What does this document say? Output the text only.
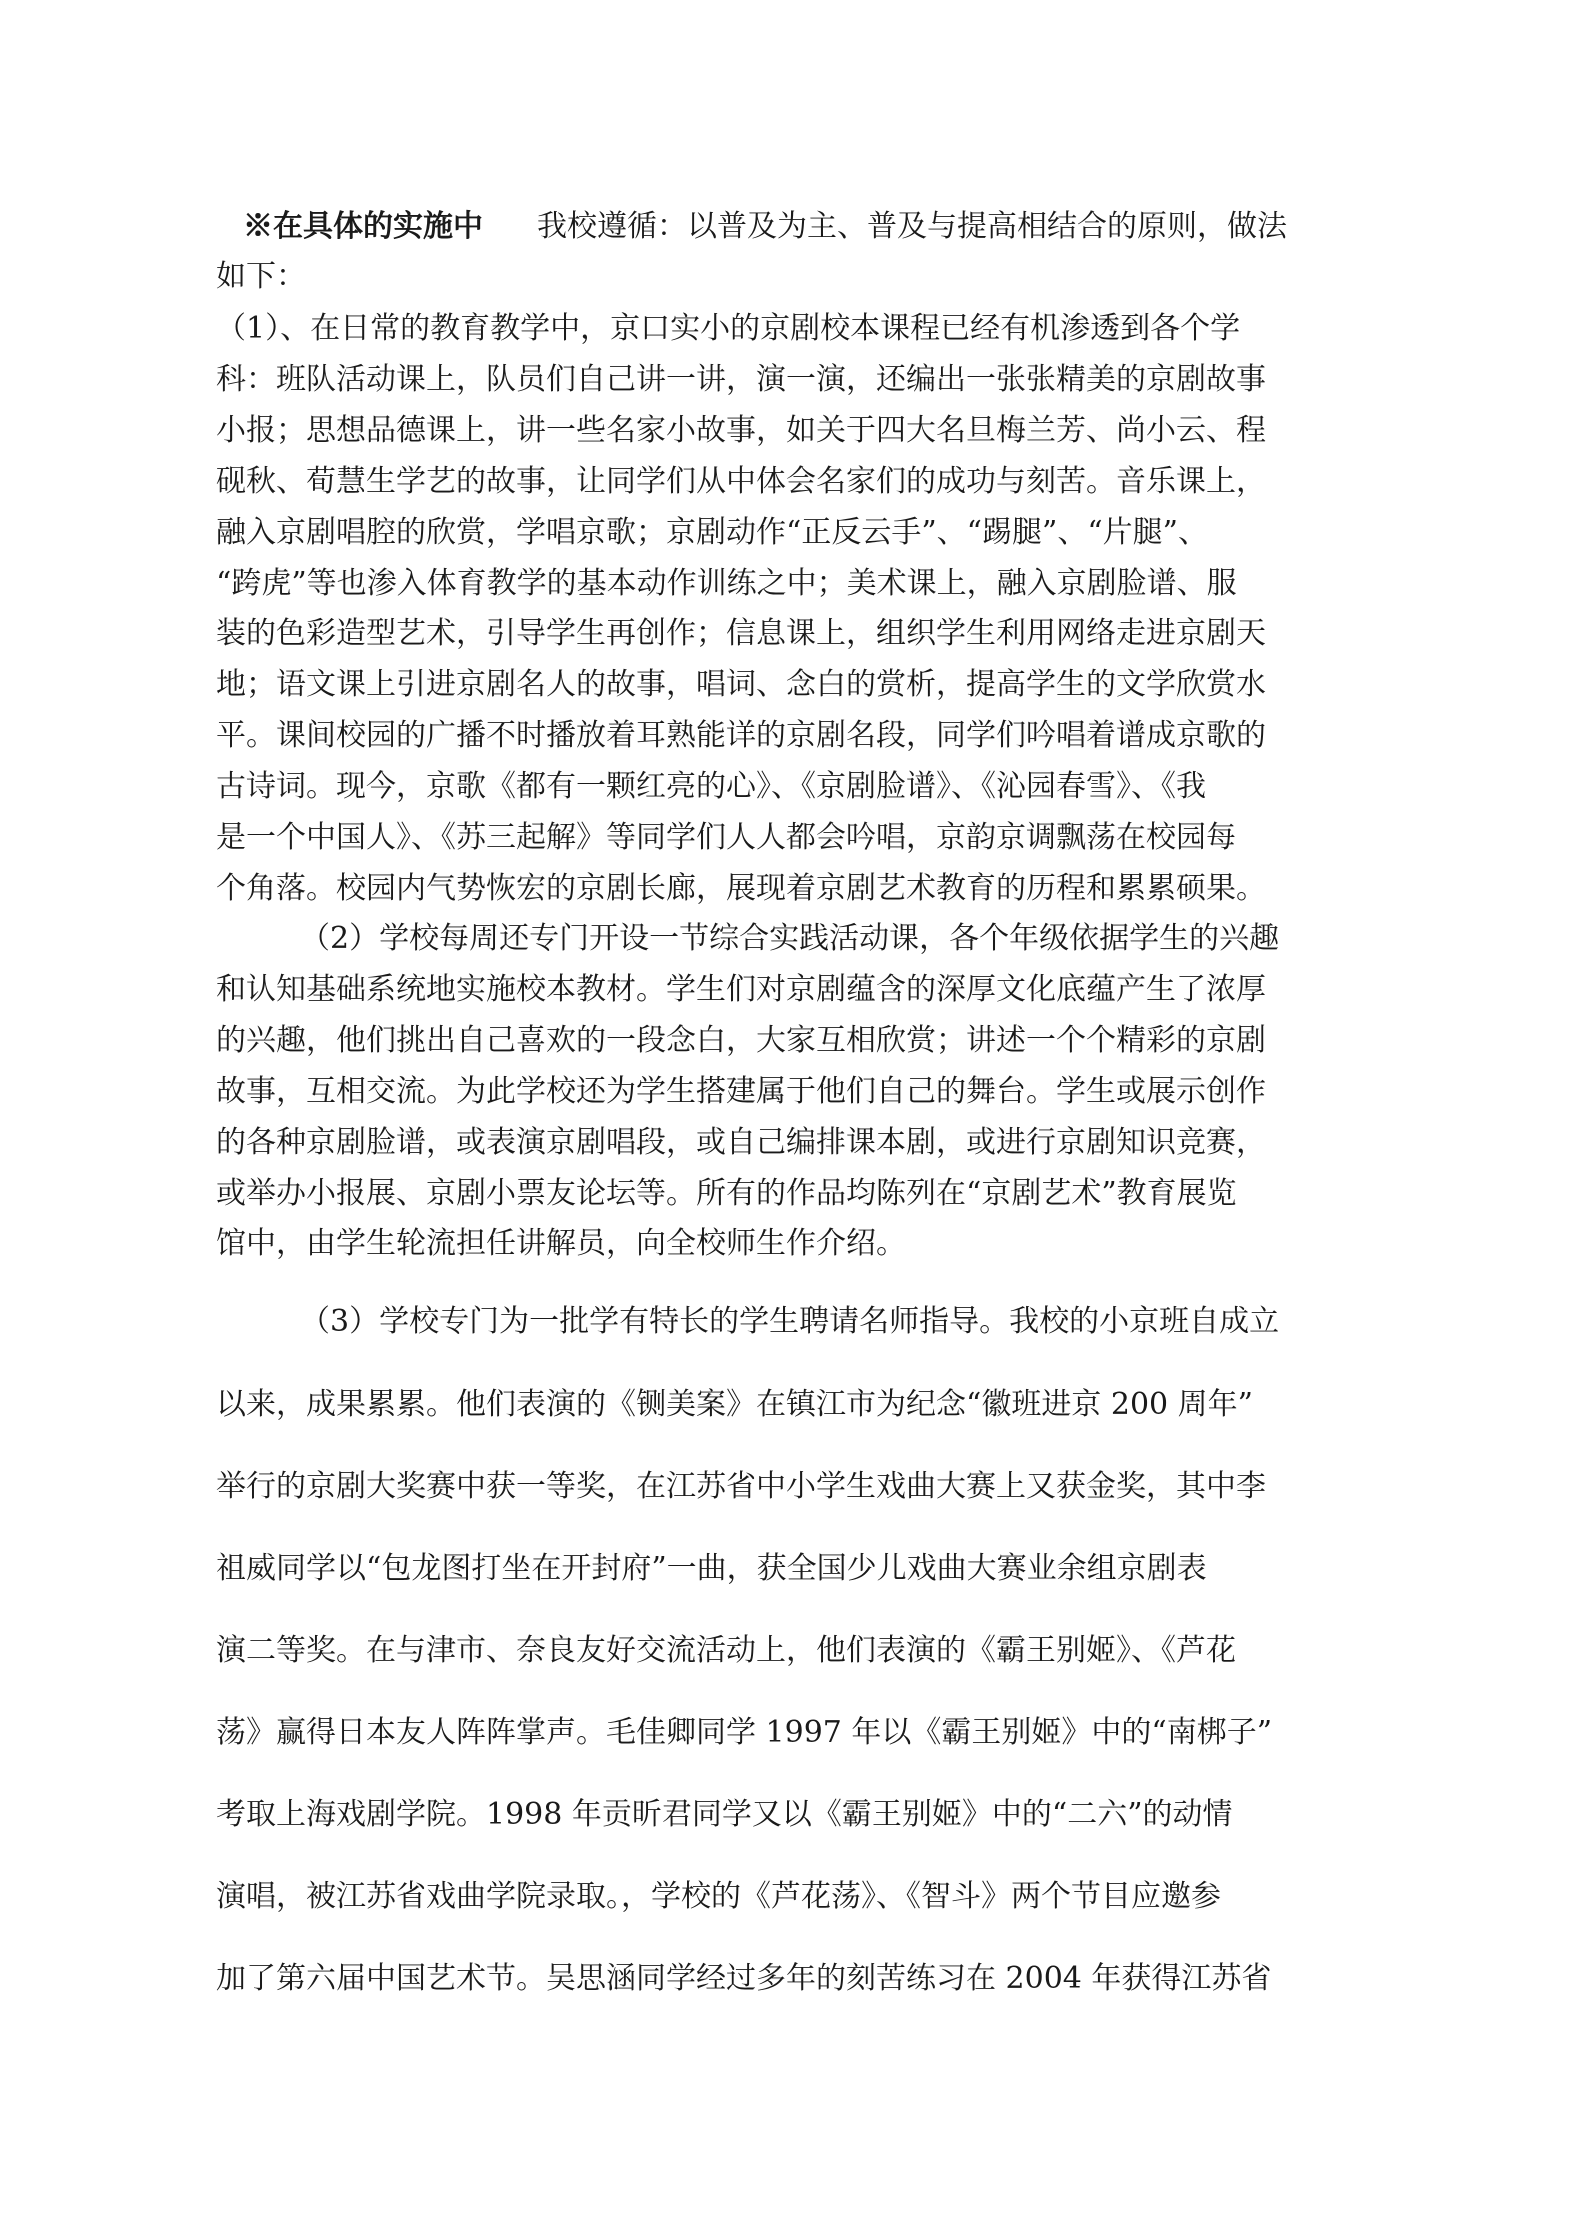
※在具体的实施中 我校遵循：以普及为主、普及与提高相结合的原则，做法
如下：
（1）、在日常的教育教学中，京口实小的京剧校本课程已经有机渗透到各个学
科：班队活动课上，队员们自己讲一讲，演一演，还编出一张张精美的京剧故事
小报；思想品德课上，讲一些名家小故事，如关于四大名旦梅兰芳、尚小云、程
砚秋、荀慧生学艺的故事，让同学们从中体会名家们的成功与刻苦。音乐课上，
融入京剧唱腔的欣赏，学唱京歌；京剧动作“正反云手”、“踢腿”、“片腿”、
“跨虎”等也渗入体育教学的基本动作训练之中；美术课上，融入京剧脸谱、服
装的色彩造型艺术，引导学生再创作；信息课上，组织学生利用网络走进京剧天
地；语文课上引进京剧名人的故事，唱词、念白的赏析，提高学生的文学欣赏水
平。课间校园的广播不时播放着耳熟能详的京剧名段，同学们吟唱着谱成京歌的
古诗词。现今，京歌《都有一颗红亮的心》、《京剧脸谱》、《沁园春雪》、《我
是一个中国人》、《苏三起解》等同学们人人都会吟唱，京韵京调飘荡在校园每
个角落。校园内气势恢宏的京剧长廊，展现着京剧艺术教育的历程和累累硕果。
（2）学校每周还专门开设一节综合实践活动课，各个年级依据学生的兴趣
和认知基础系统地实施校本教材。学生们对京剧蕴含的深厚文化底蕴产生了浓厚
的兴趣，他们挑出自己喜欢的一段念白，大家互相欣赏；讲述一个个精彩的京剧
故事，互相交流。为此学校还为学生搭建属于他们自己的舞台。学生或展示创作
的各种京剧脸谱，或表演京剧唱段，或自己编排课本剧，或进行京剧知识竞赛，
或举办小报展、京剧小票友论坛等。所有的作品均陈列在“京剧艺术”教育展览
馆中，由学生轮流担任讲解员，向全校师生作介绍。
（3）学校专门为一批学有特长的学生聘请名师指导。我校的小京班自成立
以来，成果累累。他们表演的《铡美案》在镇江市为纪念“徽班进京 200 周年”
举行的京剧大奖赛中获一等奖，在江苏省中小学生戏曲大赛上又获金奖，其中李
祖威同学以“包龙图打坐在开封府”一曲，获全国少儿戏曲大赛业余组京剧表
演二等奖。在与津市、奈良友好交流活动上，他们表演的《霸王别姬》、《芦花
荡》赢得日本友人阵阵掌声。毛佳卿同学 1997 年以《霸王别姬》中的“南梆子”
考取上海戏剧学院。1998 年贡昕君同学又以《霸王别姬》中的“二六”的动情
演唱，被江苏省戏曲学院录取。，学校的《芦花荡》、《智斗》两个节目应邀参
加了第六届中国艺术节。吴思涵同学经过多年的刻苦练习在 2004 年获得江苏省
